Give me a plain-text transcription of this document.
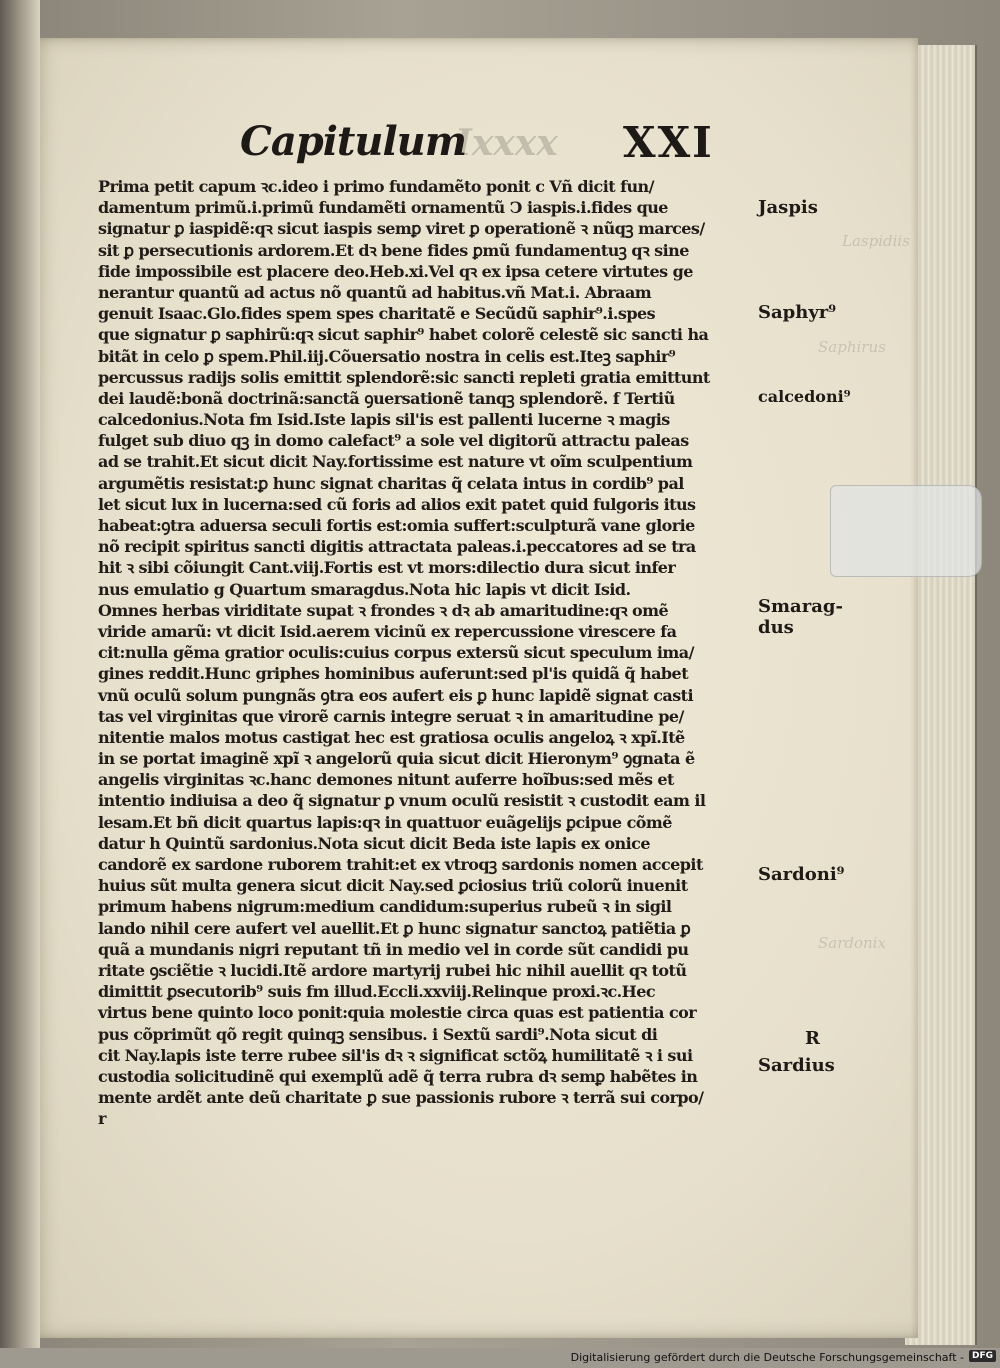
Capitulum
Ixxxx XXI
Prima petit capum ꝛc.ideo i primo fundamẽto ponit c Vñ dicit fun/
damentum primũ.i.primũ fundamẽti ornamentũ Ↄ iaspis.i.fides que
signatur ꝑ iaspidẽ:qꝛ sicut iaspis semꝑ viret ꝑ operationẽ ꝛ nũqꝫ marces/
sit ꝑ persecutionis ardorem.Et dꝛ bene fides ꝑmũ fundamentuꝫ qꝛ sine
fide impossibile est placere deo.Heb.xi.Vel qꝛ ex ipsa cetere virtutes ge
nerantur quantũ ad actus nõ quantũ ad habitus.vñ Mat.i. Abraam
genuit Isaac.Glo.fides spem spes charitatẽ e Secũdũ saphir⁹.i.spes
que signatur ꝑ saphirũ:qꝛ sicut saphir⁹ habet colorẽ celestẽ sic sancti ha
bitãt in celo ꝑ spem.Phil.iij.Cõuersatio nostra in celis est.Iteꝫ saphir⁹
percussus radijs solis emittit splendorẽ:sic sancti repleti gratia emittunt
dei laudẽ:bonã doctrinã:sanctã ꝯuersationẽ tanqꝫ splendorẽ. f Tertiũ
calcedonius.Nota fm Isid.Iste lapis sil'is est pallenti lucerne ꝛ magis
fulget sub diuo qꝫ in domo calefact⁹ a sole vel digitorũ attractu paleas
ad se trahit.Et sicut dicit Nay.fortissime est nature vt oĩm sculpentium
argumẽtis resistat:ꝑ hunc signat charitas q̃ celata intus in cordib⁹ pal
let sicut lux in lucerna:sed cũ foris ad alios exit patet quid fulgoris itus
habeat:ꝯtra aduersa seculi fortis est:omia suffert:sculpturã vane glorie
nõ recipit spiritus sancti digitis attractata paleas.i.peccatores ad se tra
hit ꝛ sibi cõiungit Cant.viij.Fortis est vt mors:dilectio dura sicut infer
nus emulatio g Quartum smaragdus.Nota hic lapis vt dicit Isid.
Omnes herbas viriditate supat ꝛ frondes ꝛ dꝛ ab amaritudine:qꝛ omẽ
viride amarũ: vt dicit Isid.aerem vicinũ ex repercussione virescere fa
cit:nulla gẽma gratior oculis:cuius corpus extersũ sicut speculum ima/
gines reddit.Hunc griphes hominibus auferunt:sed pl'is quidã q̃ habet
vnũ oculũ solum pungnãs ꝯtra eos aufert eis ꝑ hunc lapidẽ signat casti
tas vel virginitas que virorẽ carnis integre seruat ꝛ in amaritudine pe/
nitentie malos motus castigat hec est gratiosa oculis angeloꝝ ꝛ xpĩ.Itẽ
in se portat imaginẽ xpĩ ꝛ angelorũ quia sicut dicit Hieronym⁹ ꝯgnata ẽ
angelis virginitas ꝛc.hanc demones nitunt auferre hoĩbus:sed mẽs et
intentio indiuisa a deo q̃ signatur ꝑ vnum oculũ resistit ꝛ custodit eam il
lesam.Et bñ dicit quartus lapis:qꝛ in quattuor euãgelijs ꝑcipue cõmẽ
datur h Quintũ sardonius.Nota sicut dicit Beda iste lapis ex onice
candorẽ ex sardone ruborem trahit:et ex vtroqꝫ sardonis nomen accepit
huius sũt multa genera sicut dicit Nay.sed ꝑciosius triũ colorũ inuenit
primum habens nigrum:medium candidum:superius rubeũ ꝛ in sigil
lando nihil cere aufert vel auellit.Et ꝑ hunc signatur sanctoꝝ patiẽtia ꝑ
quã a mundanis nigri reputant tñ in medio vel in corde sũt candidi pu
ritate ꝯsciẽtie ꝛ lucidi.Itẽ ardore martyrij rubei hic nihil auellit qꝛ totũ
dimittit ꝑsecutorib⁹ suis fm illud.Eccli.xxviij.Relinque proxi.ꝛc.Hec
virtus bene quinto loco ponit:quia molestie circa quas est patientia cor
pus cõprimũt qõ regit quinqꝫ sensibus. i Sextũ sardi⁹.Nota sicut di
cit Nay.lapis iste terre rubee sil'is dꝛ ꝛ significat sctõꝝ humilitatẽ ꝛ i sui
custodia solicitudinẽ qui exemplũ adẽ q̃ terra rubra dꝛ semꝑ habẽtes in
mente ardẽt ante deũ charitate ꝑ sue passionis rubore ꝛ terrã sui corpo/
r
Jaspis
Saphyr⁹
calcedoni⁹
Smarag-
dus
Sardoni⁹
R
Sardius
Laspidiis
Saphirus
Sardonix
Digitalisierung gefördert durch die Deutsche Forschungsgemeinschaft - DFG
